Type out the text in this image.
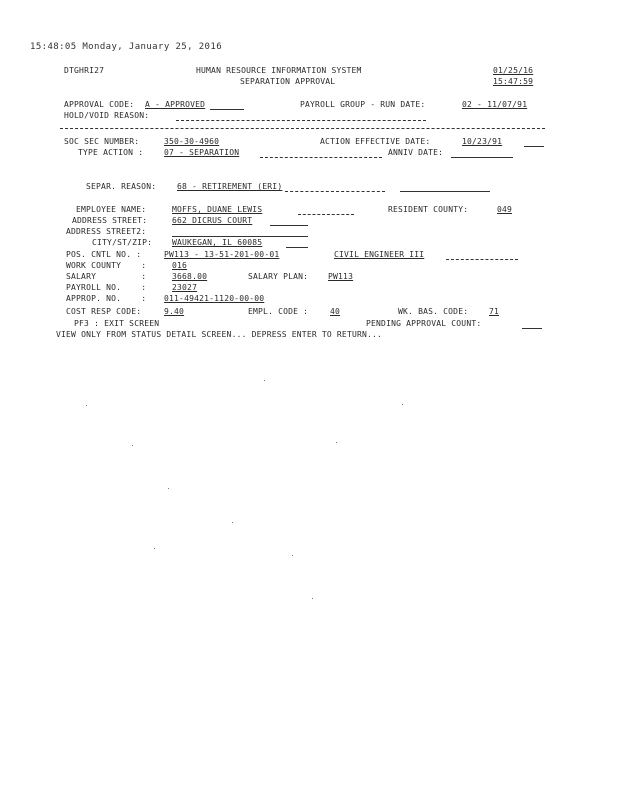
15:48:05 Monday, January 25, 2016
DTGHRI27	HUMAN RESOURCE INFORMATION SYSTEM
SEPARATION APPROVAL
01/25/16
15:47:59
APPROVAL CODE: A - APPROVED	PAYROLL GROUP - RUN DATE:	02 - 11/07/91
HOLD/VOID REASON:
SOC SEC NUMBER:	350-30-4960	ACTION EFFECTIVE DATE:	10/23/91
TYPE ACTION :	07 - SEPARATION	ANNIV DATE:
SEPAR. REASON:	68 - RETIREMENT (ERI)
EMPLOYEE NAME:	MOFFS, DUANE LEWIS	RESIDENT COUNTY:	049
ADDRESS STREET:	662 DICRUS COURT
ADDRESS STREET2:
CITY/ST/ZIP: WAUKEGAN, IL 60085
POS. CNTL NO. :	PW113 - 13-51-201-00-01	CIVIL ENGINEER III
WORK COUNTY    :	016
SALARY         :	3668.00	SALARY PLAN: PW113
PAYROLL NO.    :	23027
APPROP. NO.    : 011-49421-1120-00-00
COST RESP CODE:	9.40	EMPL. CODE :	40	WK. BAS. CODE:	71
PF3 : EXIT SCREEN	PENDING APPROVAL COUNT:
VIEW ONLY FROM STATUS DETAIL SCREEN... DEPRESS ENTER TO RETURN...
